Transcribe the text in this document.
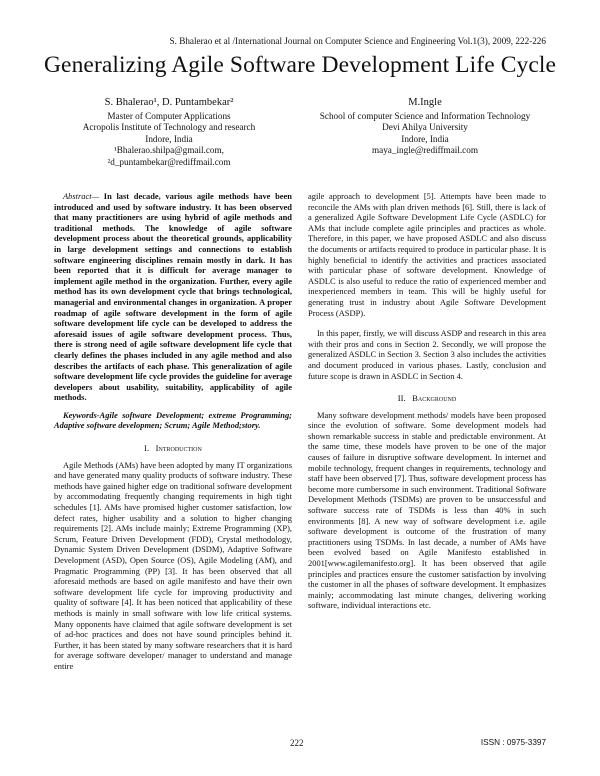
S. Bhalerao et al /International Journal on Computer Science and Engineering Vol.1(3), 2009, 222-226
Generalizing Agile Software Development Life Cycle
S. Bhalerao¹, D. Puntambekar²
Master of Computer Applications
Acropolis Institute of Technology and research
Indore, India
¹Bhalerao.shilpa@gmail.com,
²d_puntambekar@rediffmail.com
M.Ingle
School of computer Science and Information Technology
Devi Ahilya University
Indore, India
maya_ingle@rediffmail.com

Abstract— In last decade, various agile methods have been introduced and used by software industry. It has been observed that many practitioners are using hybrid of agile methods and traditional methods. The knowledge of agile software development process about the theoretical grounds, applicability in large development settings and connections to establish software engineering disciplines remain mostly in dark. It has been reported that it is difficult for average manager to implement agile method in the organization. Further, every agile method has its own development cycle that brings technological, managerial and environmental changes in organization. A proper roadmap of agile software development in the form of agile software development life cycle can be developed to address the aforesaid issues of agile software development process. Thus, there is strong need of agile software development life cycle that clearly defines the phases included in any agile method and also describes the artifacts of each phase. This generalization of agile software development life cycle provides the guideline for average developers about usability, suitability, applicability of agile methods.

Keywords-Agile software Development; extreme Programming; Adaptive software developmen; Scrum; Agile Method;story.
I. Introduction

Agile Methods (AMs) have been adopted by many IT organizations and have generated many quality products of software industry. These methods have gained higher edge on traditional software development by accommodating frequently changing requirements in high tight schedules [1]. AMs have promised higher customer satisfaction, low defect rates, higher usability and a solution to higher changing requirements [2]. AMs include mainly; Extreme Programming (XP), Scrum, Feature Driven Development (FDD), Crystal methodology, Dynamic System Driven Development (DSDM), Adaptive Software Development (ASD), Open Source (OS), Agile Modeling (AM), and Pragmatic Programming (PP) [3]. It has been observed that all aforesaid methods are based on agile manifesto and have their own software development life cycle for improving productivity and quality of software [4]. It has been noticed that applicability of these methods is mainly in small software with low life critical systems. Many opponents have claimed that agile software development is set of ad-hoc practices and does not have sound principles behind it. Further, it has been stated by many software researchers that it is hard for average software developer/ manager to understand and manage entire

agile approach to development [5]. Attempts have been made to reconcile the AMs with plan driven methods [6]. Still, there is lack of a generalized Agile Software Development Life Cycle (ASDLC) for AMs that include complete agile principles and practices as whole. Therefore, in this paper, we have proposed ASDLC and also discuss the documents or artifacts required to produce in particular phase. It is highly beneficial to identify the activities and practices associated with particular phase of software development. Knowledge of ASDLC is also useful to reduce the ratio of experienced member and inexperienced members in team. This will be highly useful for generating trust in industry about Agile Software Development Process (ASDP).

In this paper, firstly, we will discuss ASDP and research in this area with their pros and cons in Section 2. Secondly, we will propose the generalized ASDLC in Section 3. Section 3 also includes the activities and document produced in various phases. Lastly, conclusion and future scope is drawn in ASDLC in Section 4.

II. Background

Many software development methods/ models have been proposed since the evolution of software. Some development models had shown remarkable success in stable and predictable environment. At the same time, these models have proven to be one of the major causes of failure in disruptive software development. In internet and mobile technology, frequent changes in requirements, technology and staff have been observed [7]. Thus, software development process has become more cumbersome in such environment. Traditional Software Development Methods (TSDMs) are proven to be unsuccessful and software success rate of TSDMs is less than 40% in such environments [8]. A new way of software development i.e. agile software development is outcome of the frustration of many practitioners using TSDMs. In last decade, a number of AMs have been evolved based on Agile Manifesto established in 2001[www.agilemanifesto.org]. It has been observed that agile principles and practices ensure the customer satisfaction by involving the customer in all the phases of software development. It emphasizes mainly; accommodating last minute changes, delivering working software, individual interactions etc.

222	ISSN : 0975-3397
